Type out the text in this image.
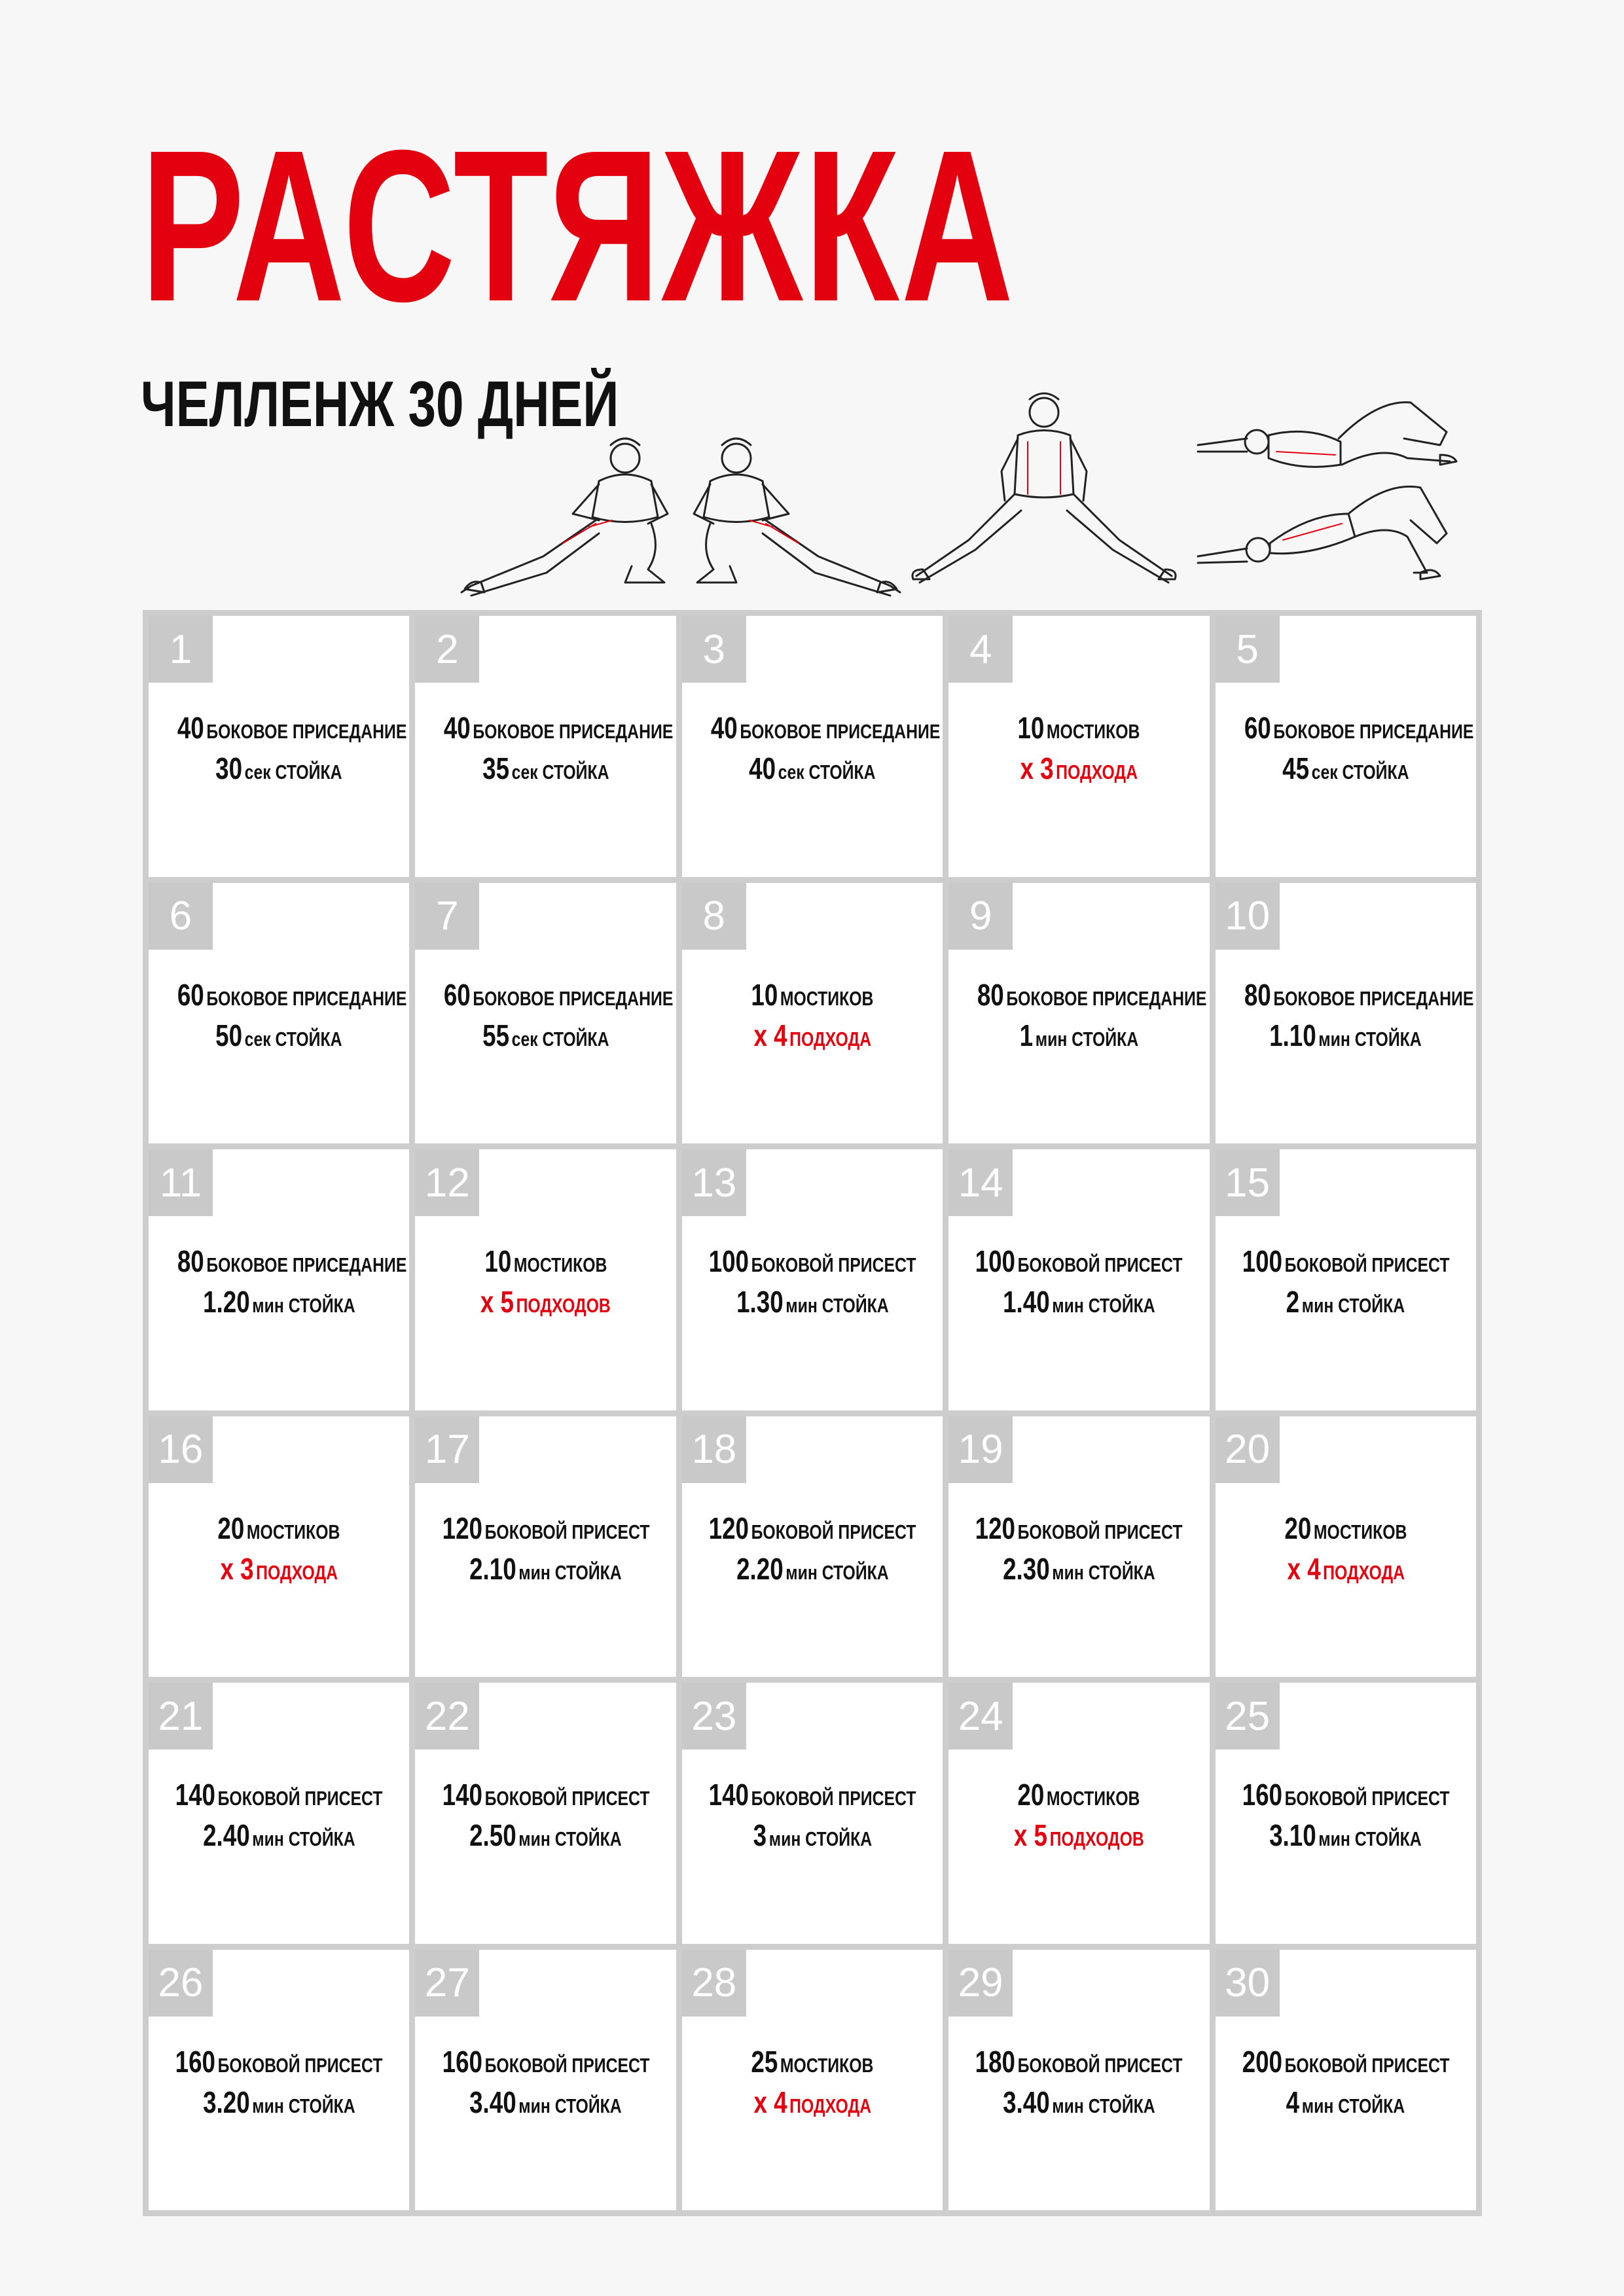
РАСТЯЖКА
ЧЕЛЛЕНЖ 30 ДНЕЙ
1
40 БОКОВОЕ ПРИСЕДАНИЕ
30 сек СТОЙКА
2
40 БОКОВОЕ ПРИСЕДАНИЕ
35 сек СТОЙКА
3
40 БОКОВОЕ ПРИСЕДАНИЕ
40 сек СТОЙКА
4
10 МОСТИКОВ
х 3 ПОДХОДА
5
60 БОКОВОЕ ПРИСЕДАНИЕ
45 сек СТОЙКА
6
60 БОКОВОЕ ПРИСЕДАНИЕ
50 сек СТОЙКА
7
60 БОКОВОЕ ПРИСЕДАНИЕ
55 сек СТОЙКА
8
10 МОСТИКОВ
х 4 ПОДХОДА
9
80 БОКОВОЕ ПРИСЕДАНИЕ
1 мин СТОЙКА
10
80 БОКОВОЕ ПРИСЕДАНИЕ
1.10 мин СТОЙКА
11
80 БОКОВОЕ ПРИСЕДАНИЕ
1.20 мин СТОЙКА
12
10 МОСТИКОВ
х 5 ПОДХОДОВ
13
100 БОКОВОЙ ПРИСЕСТ
1.30 мин СТОЙКА
14
100 БОКОВОЙ ПРИСЕСТ
1.40 мин СТОЙКА
15
100 БОКОВОЙ ПРИСЕСТ
2 мин СТОЙКА
16
20 МОСТИКОВ
х 3 ПОДХОДА
17
120 БОКОВОЙ ПРИСЕСТ
2.10 мин СТОЙКА
18
120 БОКОВОЙ ПРИСЕСТ
2.20 мин СТОЙКА
19
120 БОКОВОЙ ПРИСЕСТ
2.30 мин СТОЙКА
20
20 МОСТИКОВ
х 4 ПОДХОДА
21
140 БОКОВОЙ ПРИСЕСТ
2.40 мин СТОЙКА
22
140 БОКОВОЙ ПРИСЕСТ
2.50 мин СТОЙКА
23
140 БОКОВОЙ ПРИСЕСТ
3 мин СТОЙКА
24
20 МОСТИКОВ
х 5 ПОДХОДОВ
25
160 БОКОВОЙ ПРИСЕСТ
3.10 мин СТОЙКА
26
160 БОКОВОЙ ПРИСЕСТ
3.20 мин СТОЙКА
27
160 БОКОВОЙ ПРИСЕСТ
3.40 мин СТОЙКА
28
25 МОСТИКОВ
х 4 ПОДХОДА
29
180 БОКОВОЙ ПРИСЕСТ
3.40 мин СТОЙКА
30
200 БОКОВОЙ ПРИСЕСТ
4 мин СТОЙКА
